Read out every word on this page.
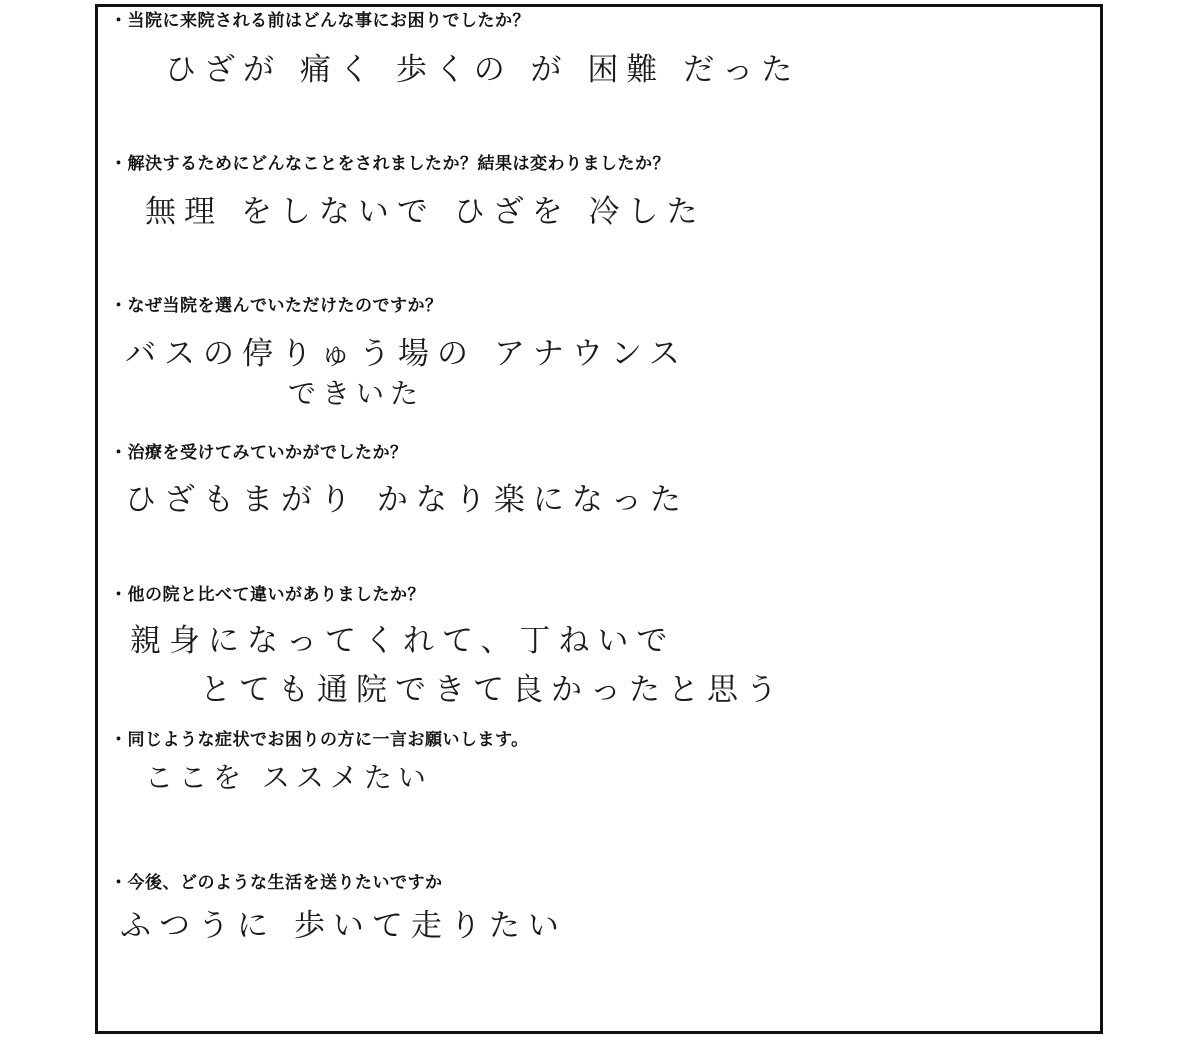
・当院に来院される前はどんな事にお困りでしたか？
ひざが 痛く 歩くの が 困難 だった
・解決するためにどんなことをされましたか？結果は変わりましたか？
無理 をしないで ひざを 冷した
・なぜ当院を選んでいただけたのですか？
バスの停りゅう場の アナウンス
できいた
・治療を受けてみていかがでしたか？
ひざもまがり かなり楽になった
・他の院と比べて違いがありましたか？
親身になってくれて、丁ねいで
とても通院できて良かったと思う
・同じような症状でお困りの方に一言お願いします。
ここを ススメたい
・今後、どのような生活を送りたいですか
ふつうに 歩いて走りたい
